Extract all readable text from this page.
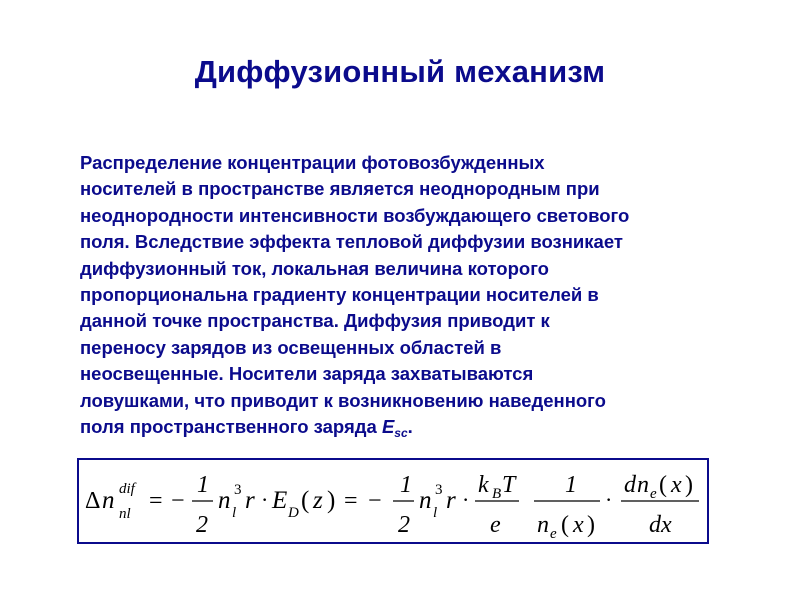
Диффузионный механизм
Распределение концентрации фотовозбужденных
носителей в пространстве является неоднородным при
неоднородности интенсивности возбуждающего светового
поля. Вследствие эффекта тепловой диффузии возникает
диффузионный ток, локальная величина которого
пропорциональна градиенту концентрации носителей в
данной точке пространства. Диффузия приводит к
переносу зарядов из освещенных областей в
неосвещенные. Носители заряда захватываются
ловушками, что приводит к возникновению наведенного
поля пространственного заряда $E_{sc}$.
Δ n nl
dif = −
1
2
n l
3 r · E D ( z ) = −
1
2
n l
3 r ·
k B T
e
1
n e ( x )
·
d n e ( x )
dx
